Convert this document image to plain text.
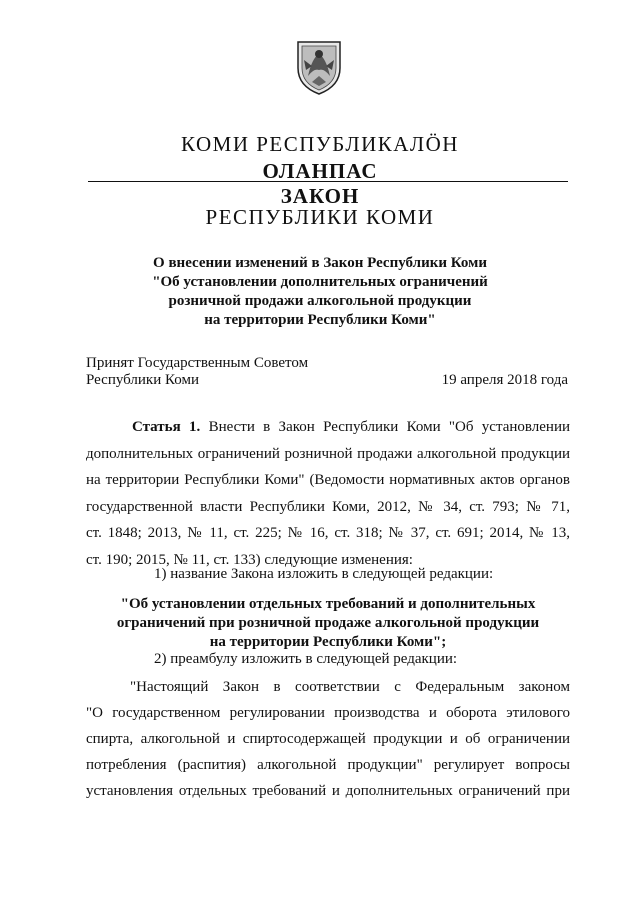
КОМИ РЕСПУБЛИКАЛӦН
ОЛАНПАС
ЗАКОН
РЕСПУБЛИКИ КОМИ
О внесении изменений в Закон Республики Коми
"Об установлении дополнительных ограничений
розничной продажи алкогольной продукции
на территории Республики Коми"
Принят Государственным Советом
Республики Коми	19 апреля 2018 года
Статья 1. Внести в Закон Республики Коми "Об установлении
дополнительных ограничений розничной продажи алкогольной продукции
на территории Республики Коми" (Ведомости нормативных актов органов
государственной власти Республики Коми, 2012, № 34, ст. 793; № 71,
ст. 1848; 2013, № 11, ст. 225; № 16, ст. 318; № 37, ст. 691; 2014, № 13,
ст. 190; 2015, № 11, ст. 133) следующие изменения:
1) название Закона изложить в следующей редакции:
"Об установлении отдельных требований и дополнительных
ограничений при розничной продаже алкогольной продукции
на территории Республики Коми";
2) преамбулу изложить в следующей редакции:
"Настоящий Закон в соответствии с Федеральным законом
"О государственном регулировании производства и оборота этилового
спирта, алкогольной и спиртосодержащей продукции и об ограничении
потребления (распития) алкогольной продукции" регулирует вопросы
установления отдельных требований и дополнительных ограничений при
